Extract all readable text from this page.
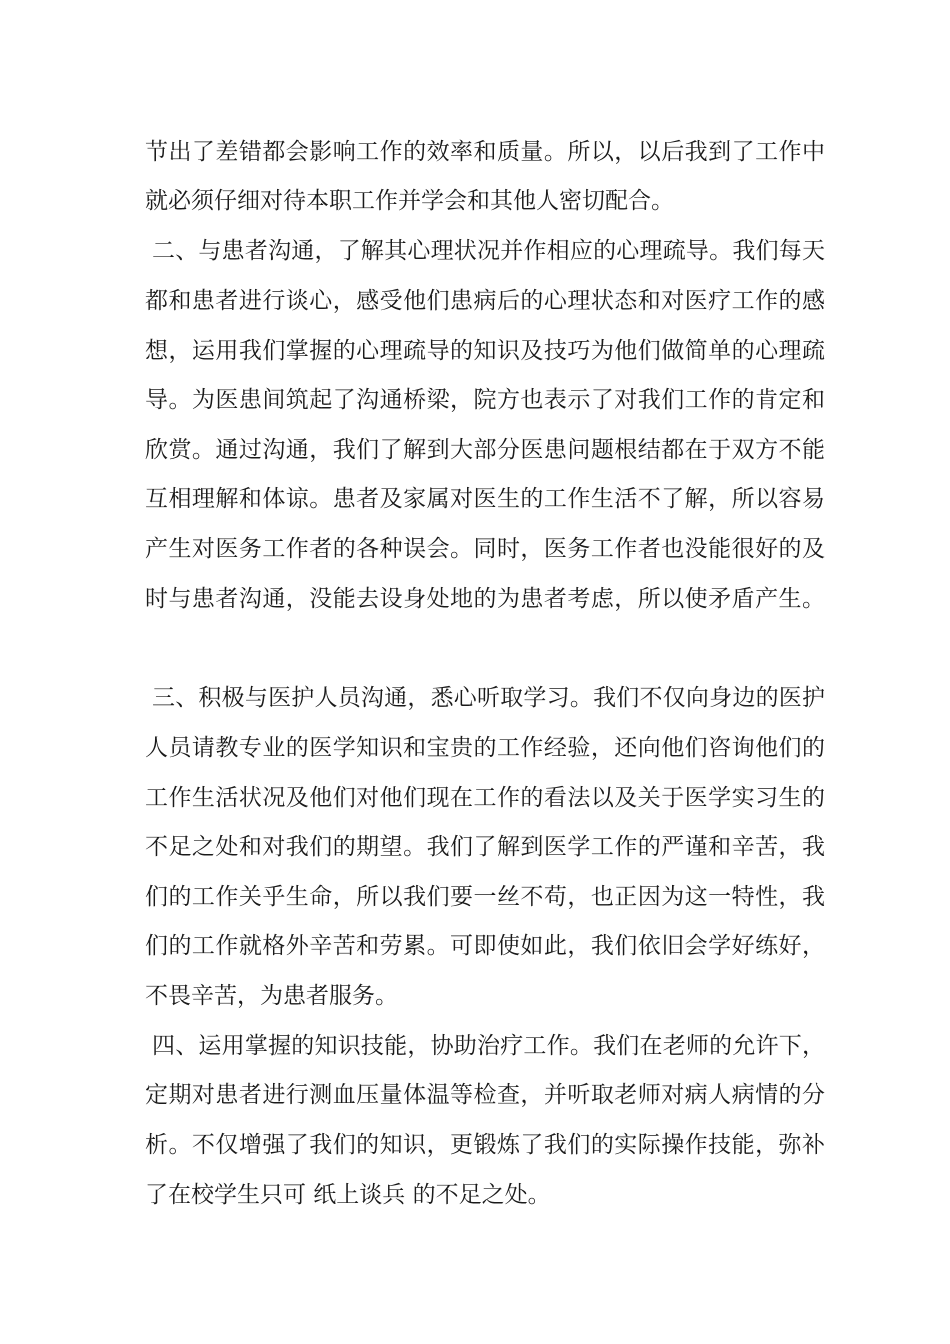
节出了差错都会影响工作的效率和质量。所以，以后我到了工作中
就必须仔细对待本职工作并学会和其他人密切配合。
二、与患者沟通，了解其心理状况并作相应的心理疏导。我们每天
都和患者进行谈心，感受他们患病后的心理状态和对医疗工作的感
想，运用我们掌握的心理疏导的知识及技巧为他们做简单的心理疏
导。为医患间筑起了沟通桥梁，院方也表示了对我们工作的肯定和
欣赏。通过沟通，我们了解到大部分医患问题根结都在于双方不能
互相理解和体谅。患者及家属对医生的工作生活不了解，所以容易
产生对医务工作者的各种误会。同时，医务工作者也没能很好的及
时与患者沟通，没能去设身处地的为患者考虑，所以使矛盾产生。
三、积极与医护人员沟通，悉心听取学习。我们不仅向身边的医护
人员请教专业的医学知识和宝贵的工作经验，还向他们咨询他们的
工作生活状况及他们对他们现在工作的看法以及关于医学实习生的
不足之处和对我们的期望。我们了解到医学工作的严谨和辛苦，我
们的工作关乎生命，所以我们要一丝不苟，也正因为这一特性，我
们的工作就格外辛苦和劳累。可即使如此，我们依旧会学好练好，
不畏辛苦，为患者服务。
四、运用掌握的知识技能，协助治疗工作。我们在老师的允许下，
定期对患者进行测血压量体温等检查，并听取老师对病人病情的分
析。不仅增强了我们的知识，更锻炼了我们的实际操作技能，弥补
了在校学生只可 纸上谈兵 的不足之处。
